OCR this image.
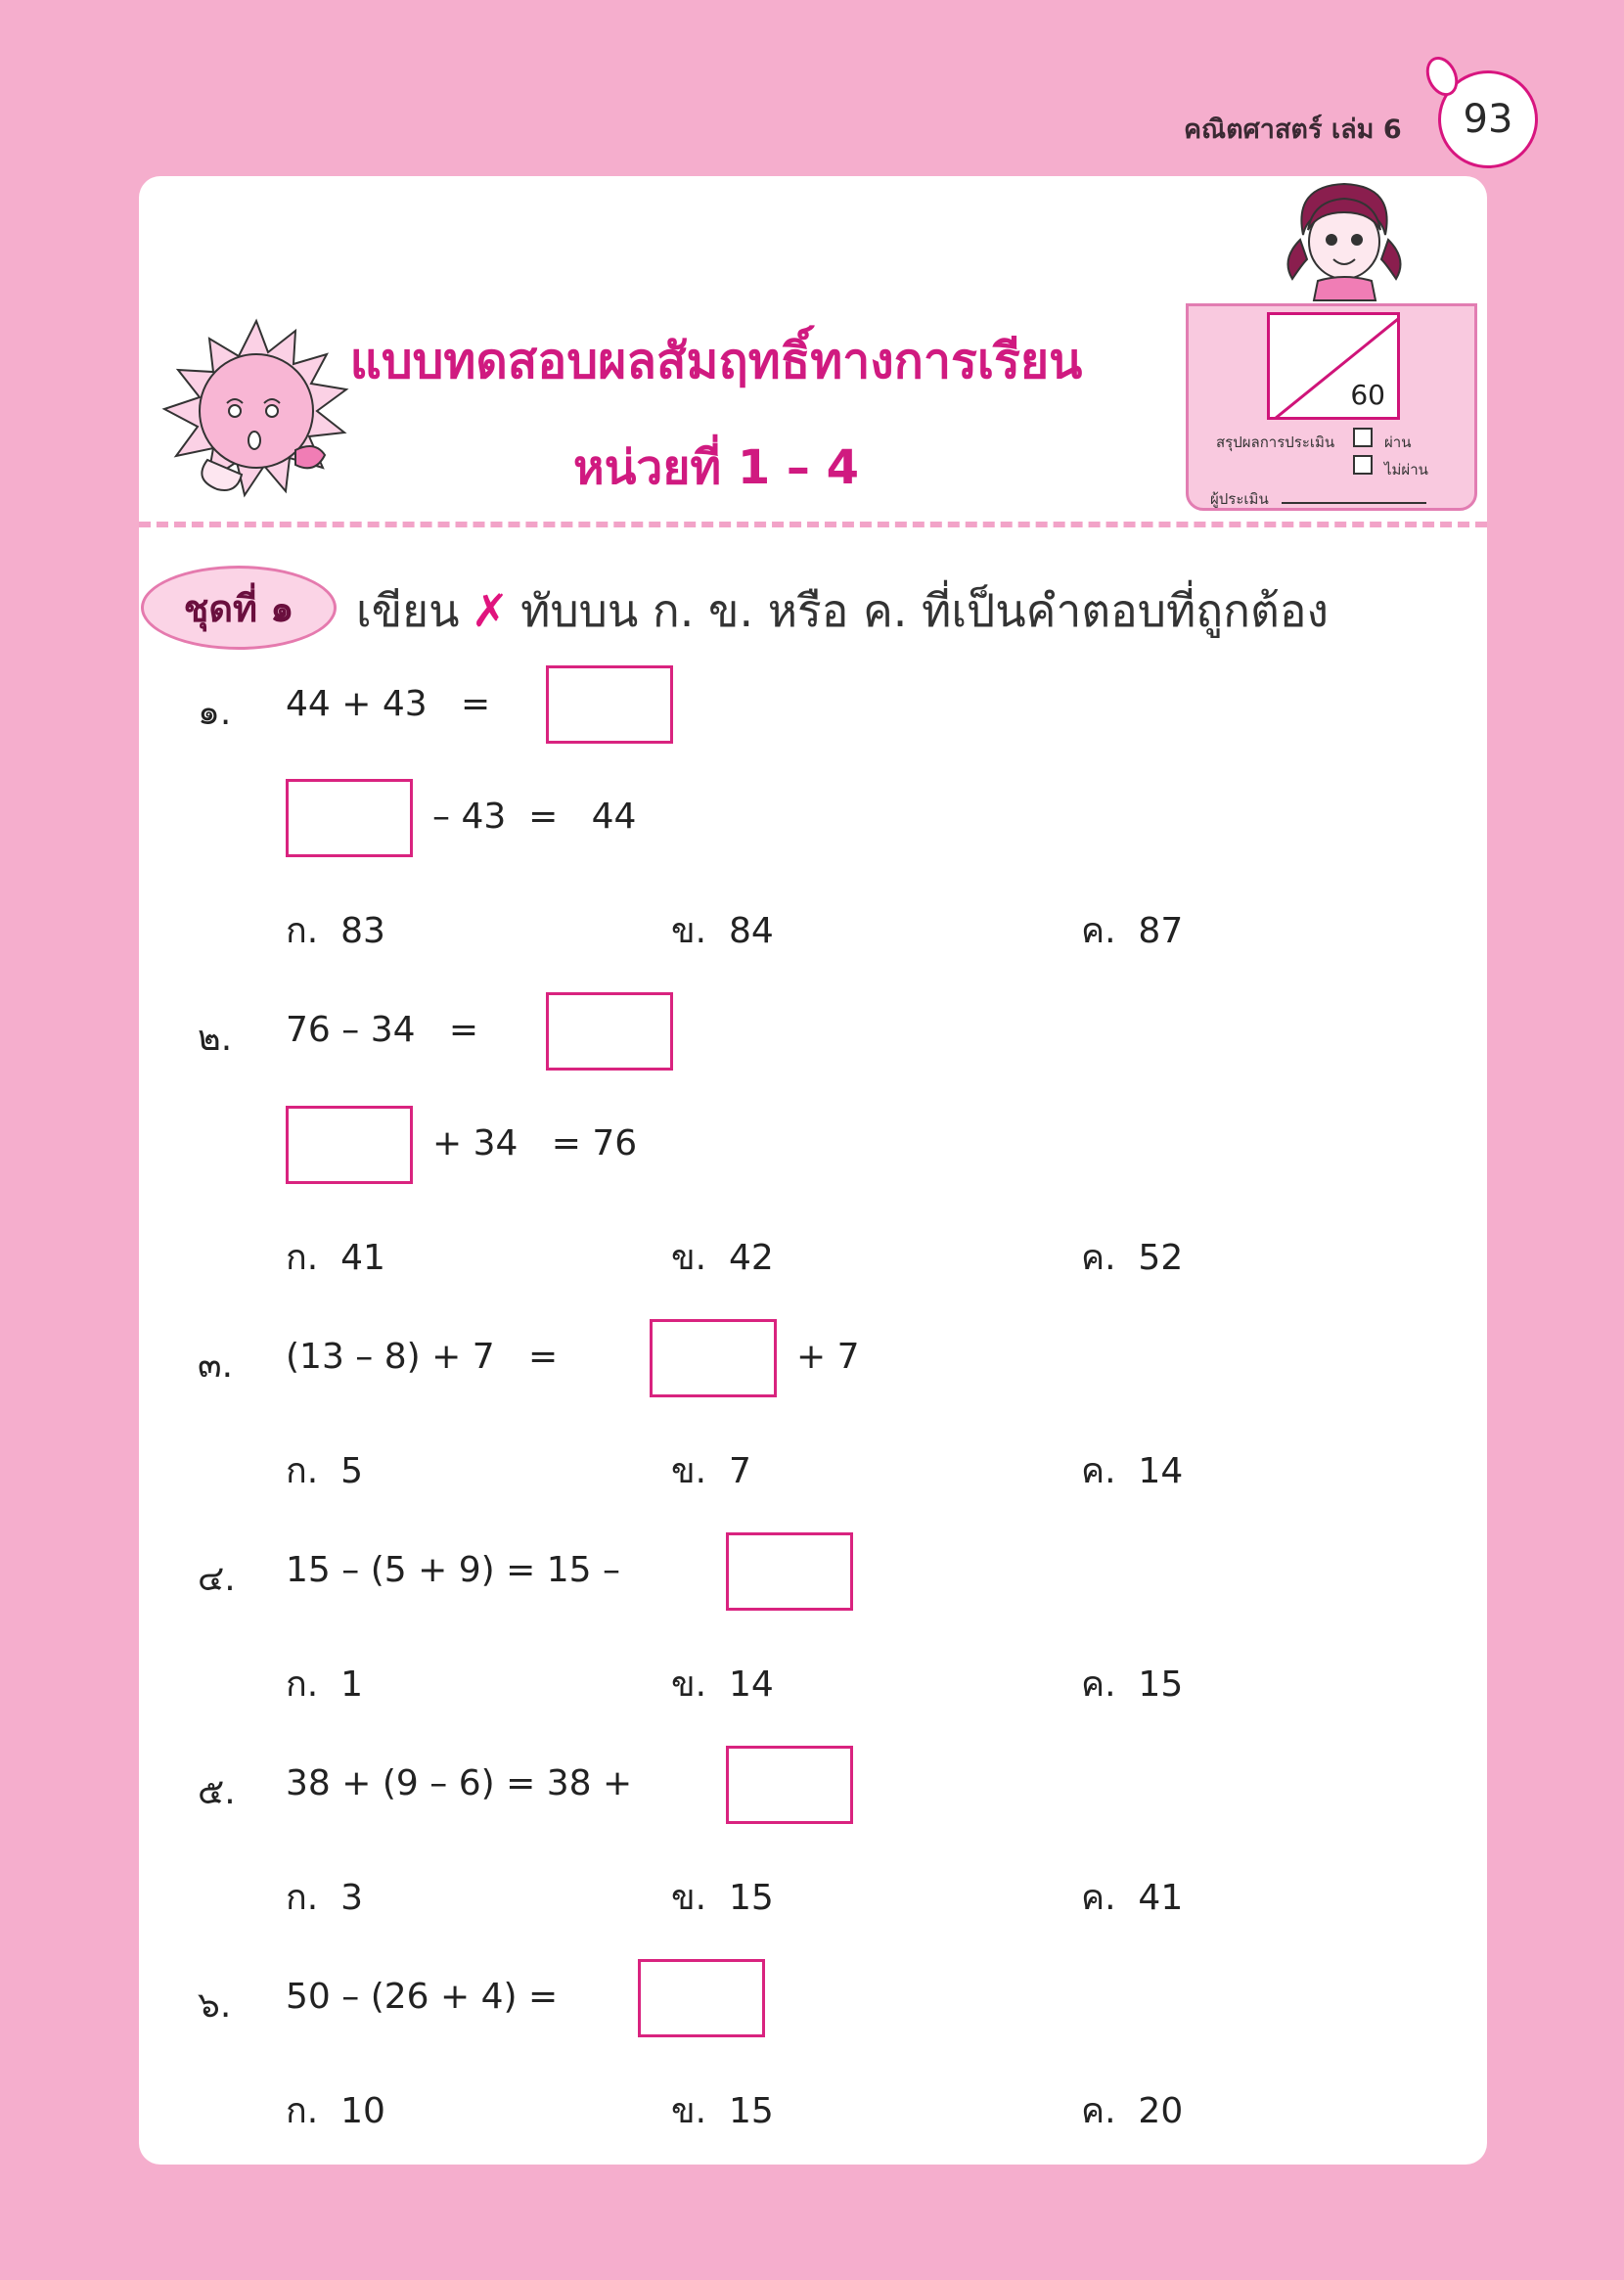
คณิตศาสตร์ เล่ม 6 93
แบบทดสอบผลสัมฤทธิ์ทางการเรียน
หน่วยที่ 1 – 4
60
สรุปผลการประเมิน	ผ่าน
ไม่ผ่าน
ผู้ประเมิน
ชุดที่ ๑	เขียน ✗ ทับบน ก. ข. หรือ ค. ที่เป็นคำตอบที่ถูกต้อง
๑. 44 + 43   =
– 43  =   44
ก.  83	ข.  84	ค.  87
๒. 76 – 34   =
+ 34   = 76
ก.  41	ข.  42	ค.  52
๓. (13 – 8) + 7   =	+ 7
ก.  5	ข.  7	ค.  14
๔. 15 – (5 + 9) = 15 –
ก.  1	ข.  14	ค.  15
๕. 38 + (9 – 6) = 38 +
ก.  3	ข.  15	ค.  41
๖. 50 – (26 + 4) =
ก.  10	ข.  15	ค.  20
